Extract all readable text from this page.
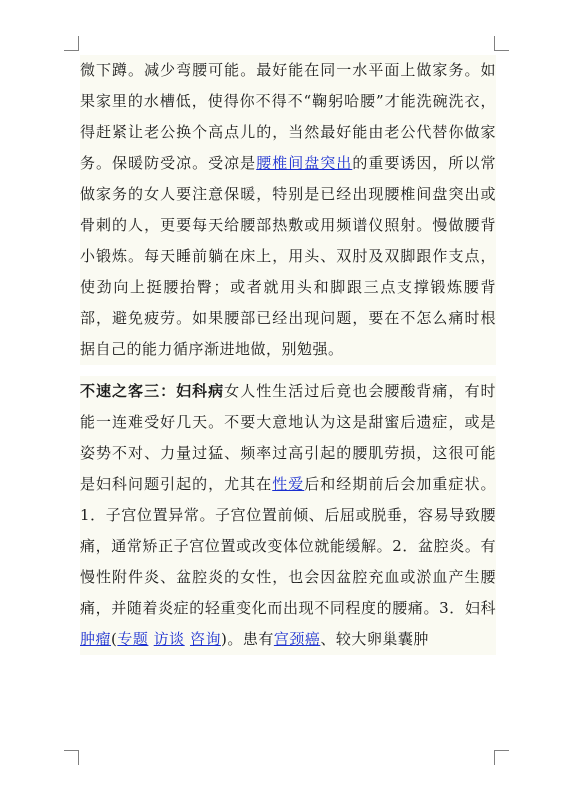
微下蹲。减少弯腰可能。最好能在同一水平面上做家务。如果家里的水槽低，使得你不得不“鞠躬哈腰”才能洗碗洗衣，得赶紧让老公换个高点儿的，当然最好能由老公代替你做家务。保暖防受凉。受凉是腰椎间盘突出的重要诱因，所以常做家务的女人要注意保暖，特别是已经出现腰椎间盘突出或骨刺的人，更要每天给腰部热敷或用频谱仪照射。慢做腰背小锻炼。每天睡前躺在床上，用头、双肘及双脚跟作支点，使劲向上挺腰抬臀；或者就用头和脚跟三点支撑锻炼腰背部，避免疲劳。如果腰部已经出现问题，要在不怎么痛时根据自己的能力循序渐进地做，别勉强。

不速之客三：妇科病女人性生活过后竟也会腰酸背痛，有时能一连难受好几天。不要大意地认为这是甜蜜后遗症，或是姿势不对、力量过猛、频率过高引起的腰肌劳损，这很可能是妇科问题引起的，尤其在性爱后和经期前后会加重症状。1．子宫位置异常。子宫位置前倾、后屈或脱垂，容易导致腰痛，通常矫正子宫位置或改变体位就能缓解。2．盆腔炎。有慢性附件炎、盆腔炎的女性，也会因盆腔充血或淤血产生腰痛，并随着炎症的轻重变化而出现不同程度的腰痛。3．妇科肿瘤(专题 访谈 咨询)。患有宫颈癌、较大卵巢囊肿
